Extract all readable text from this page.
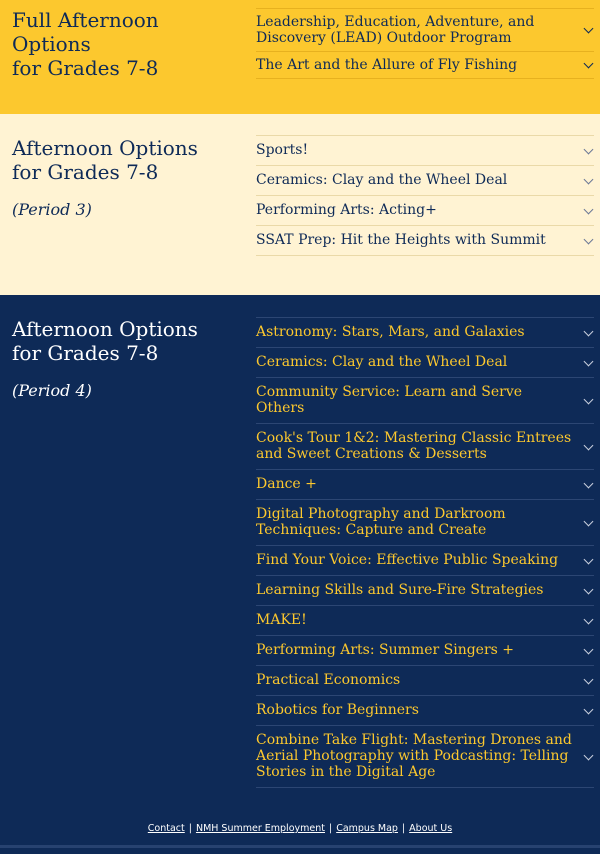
Full Afternoon
Options
for Grades 7-8
Leadership, Education, Adventure, and Discovery (LEAD) Outdoor Program
The Art and the Allure of Fly Fishing
Afternoon Options
for Grades 7-8
(Period 3)
Sports!
Ceramics: Clay and the Wheel Deal
Performing Arts: Acting+
SSAT Prep: Hit the Heights with Summit
Afternoon Options
for Grades 7-8
(Period 4)
Astronomy: Stars, Mars, and Galaxies
Ceramics: Clay and the Wheel Deal
Community Service: Learn and Serve Others
Cook's Tour 1&2: Mastering Classic Entrees and Sweet Creations & Desserts
Dance +
Digital Photography and Darkroom Techniques: Capture and Create
Find Your Voice: Effective Public Speaking
Learning Skills and Sure-Fire Strategies
MAKE!
Performing Arts: Summer Singers +
Practical Economics
Robotics for Beginners
Combine Take Flight: Mastering Drones and Aerial Photography with Podcasting: Telling Stories in the Digital Age
Contact | NMH Summer Employment | Campus Map | About Us
